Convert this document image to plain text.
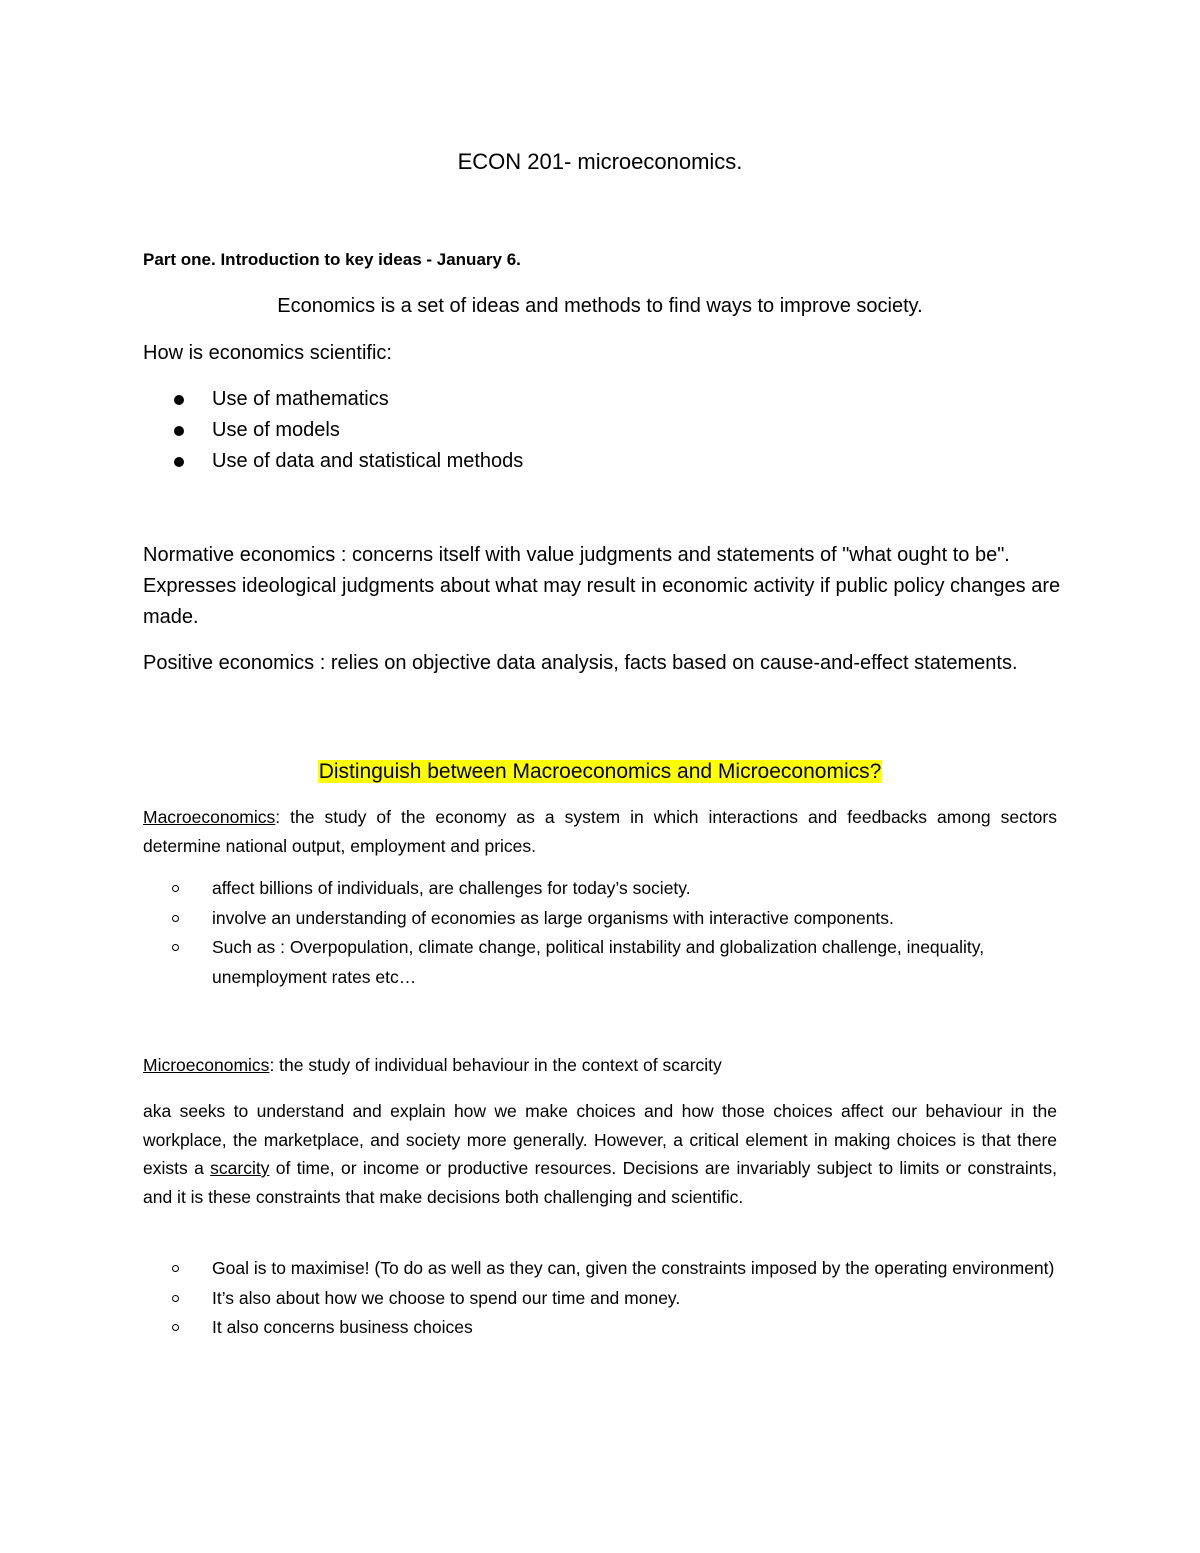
ECON 201- microeconomics.

Part one. Introduction to key ideas - January 6.

Economics is a set of ideas and methods to find ways to improve society.

How is economics scientific:

Use of mathematics
Use of models
Use of data and statistical methods

Normative economics : concerns itself with value judgments and statements of "what ought to be". Expresses ideological judgments about what may result in economic activity if public policy changes are made.

Positive economics : relies on objective data analysis, facts based on cause-and-effect statements.

Distinguish between Macroeconomics and Microeconomics?

Macroeconomics: the study of the economy as a system in which interactions and feedbacks among sectors determine national output, employment and prices.

affect billions of individuals, are challenges for today’s society.
involve an understanding of economies as large organisms with interactive components.
Such as : Overpopulation, climate change, political instability and globalization challenge, inequality, unemployment rates etc…

Microeconomics: the study of individual behaviour in the context of scarcity

aka seeks to understand and explain how we make choices and how those choices affect our behaviour in the workplace, the marketplace, and society more generally. However, a critical element in making choices is that there exists a scarcity of time, or income or productive resources. Decisions are invariably subject to limits or constraints, and it is these constraints that make decisions both challenging and scientific.

Goal is to maximise! (To do as well as they can, given the constraints imposed by the operating environment)
It’s also about how we choose to spend our time and money.
It also concerns business choices
